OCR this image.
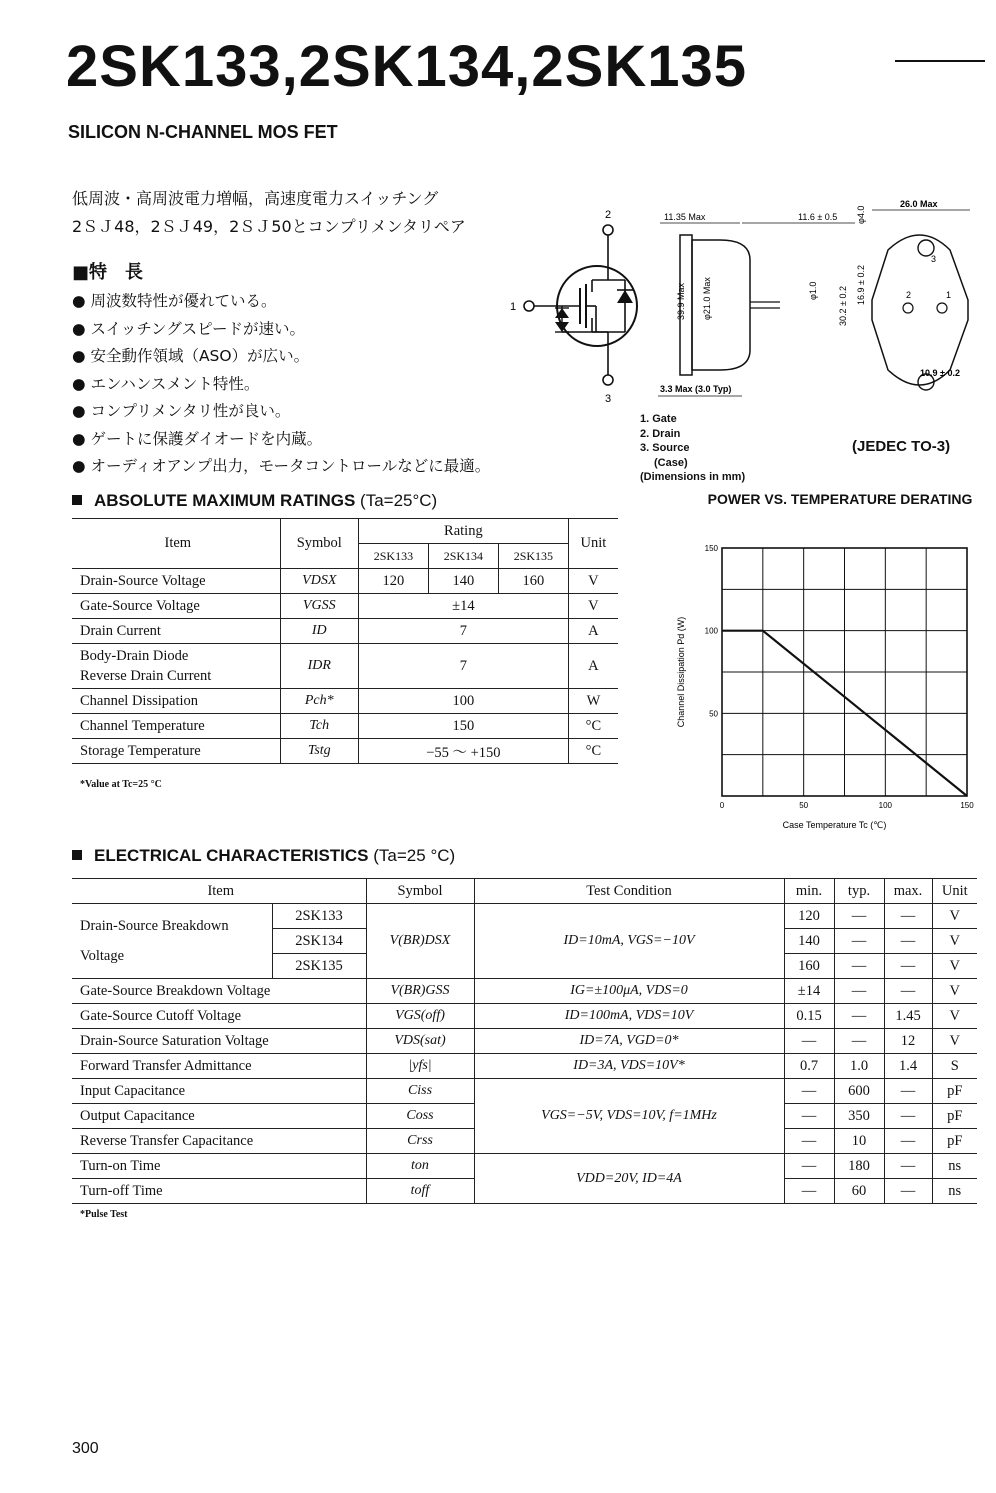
2SK133,2SK134,2SK135
SILICON N-CHANNEL MOS FET
低周波・高周波電力増幅，高速度電力スイッチング
2ＳＪ48，2ＳＪ49，2ＳＪ50とコンプリメンタリペア
■特　長
● 周波数特性が優れている。
● スイッチングスピードが速い。
● 安全動作領域（ASO）が広い。
● エンハンスメント特性。
● コンプリメンタリ性が良い。
● ゲートに保護ダイオードを内蔵。
● オーディオアンプ出力，モータコントロールなどに最適。
2
1
3
11.35 Max	11.6 ± 0.5
26.0 Max
φ4.0
39.9 Max φ21.0 Max	φ1.0
3.3 Max (3.0 Typ)
3
2	1
30.2 ± 0.2
16.9 ± 0.2
10.9 ± 0.2
1. Gate
2. Drain
3. Source
(Case)
(Dimensions in mm)
(JEDEC TO-3)
ABSOLUTE MAXIMUM RATINGS (Ta=25°C)
Item	Symbol	Rating			Unit
		2SK133	2SK134	2SK135	
Drain-Source Voltage	VDSX	120	140	160	V
Gate-Source Voltage	VGSS	±14			V
Drain Current	ID	7			A

Body-Drain Diode
Reverse Drain Current	IDR	7			A
Channel Dissipation	Pch*	100			W
Channel Temperature	Tch	150			°C
Storage Temperature	Tstg	−55 ～ +150			°C
*Value at Tc=25 °C
POWER VS. TEMPERATURE DERATING
0	50	100	150
50
100
150
Case Temperature Tc (℃)
Channel Dissipation Pd (W)
ELECTRICAL CHARACTERISTICS (Ta=25 °C)
Item		Symbol	Test Condition	min.	typ.	max.	Unit

Drain-Source Breakdown
Voltage	2SK133	V(BR)DSX	ID=10mA, VGS=−10V	120	—	—	V
	2SK134			140	—	—	V
	2SK135			160	—	—	V
Gate-Source Breakdown Voltage		V(BR)GSS	IG=±100μA, VDS=0	±14	—	—	V
Gate-Source Cutoff Voltage		VGS(off)	ID=100mA, VDS=10V	0.15	—	1.45	V
Drain-Source Saturation Voltage		VDS(sat)	ID=7A, VGD=0*	—	—	12	V
Forward Transfer Admittance		|yfs|	ID=3A, VDS=10V*	0.7	1.0	1.4	S
Input Capacitance		Ciss	VGS=−5V, VDS=10V, f=1MHz	—	600	—	pF
Output Capacitance		Coss		—	350	—	pF
Reverse Transfer Capacitance		Crss		—	10	—	pF
Turn-on Time		ton	VDD=20V, ID=4A	—	180	—	ns
Turn-off Time		toff		—	60	—	ns
*Pulse Test
300
